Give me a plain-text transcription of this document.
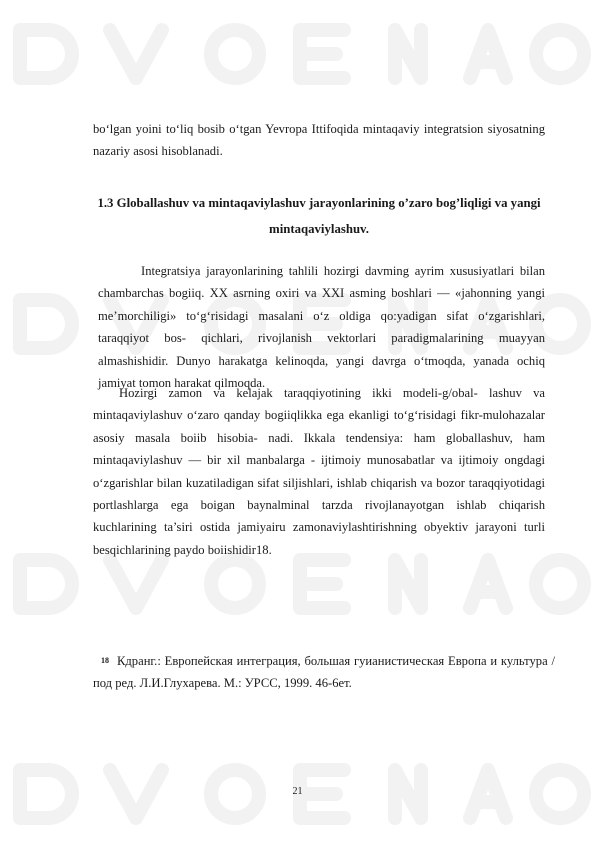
bo‘lgan yoini to‘liq bosib o‘tgan Yevropa Ittifoqida mintaqaviy integratsion siyosatning nazariy asosi hisoblanadi.

1.3 Globallashuv va mintaqaviylashuv jarayonlarining o’zaro bog’liqligi va yangi mintaqaviylashuv.

Integratsiya jarayonlarining tahlili hozirgi davming ayrim xususiyatlari bilan chambarchas bogiiq. XX asrning oxiri va XXI asming boshlari — «jahonning yangi me’morchiligi» to‘g‘risidagi masalani o‘z oldiga qo:yadigan sifat o‘zgarishlari, taraqqiyot bos- qichlari, rivojlanish vektorlari paradigmalarining muayyan almashishidir. Dunyo harakatga kelinoqda, yangi davrga o‘tmoqda, yanada ochiq jamiyat tomon harakat qilmoqda.

Hozirgi zamon va kelajak taraqqiyotining ikki modeli-g/obal- lashuv va mintaqaviylashuv o‘zaro qanday bogiiqlikka ega ekanligi to‘g‘risidagi fikr-mulohazalar asosiy masala boiib hisobia- nadi. Ikkala tendensiya: ham globallashuv, ham mintaqaviylashuv — bir xil manbalarga - ijtimoiy munosabatlar va ijtimoiy ongdagi o‘zgarishlar bilan kuzatiladigan sifat siljishlari, ishlab chiqarish va bozor taraqqiyotidagi portlashlarga ega boigan baynalminal tarzda rivojlanayotgan ishlab chiqarish kuchlarining ta’siri ostida jamiyairu zamonaviylashtirishning obyektiv jarayoni turli besqichlarining paydo boiishidir18.

18 Кдранг.: Европейская интеграция, большая гуианистическая Европа и культура / под ред. Л.И.Глухарева. М.: УРСС, 1999. 46-6ет.
21
